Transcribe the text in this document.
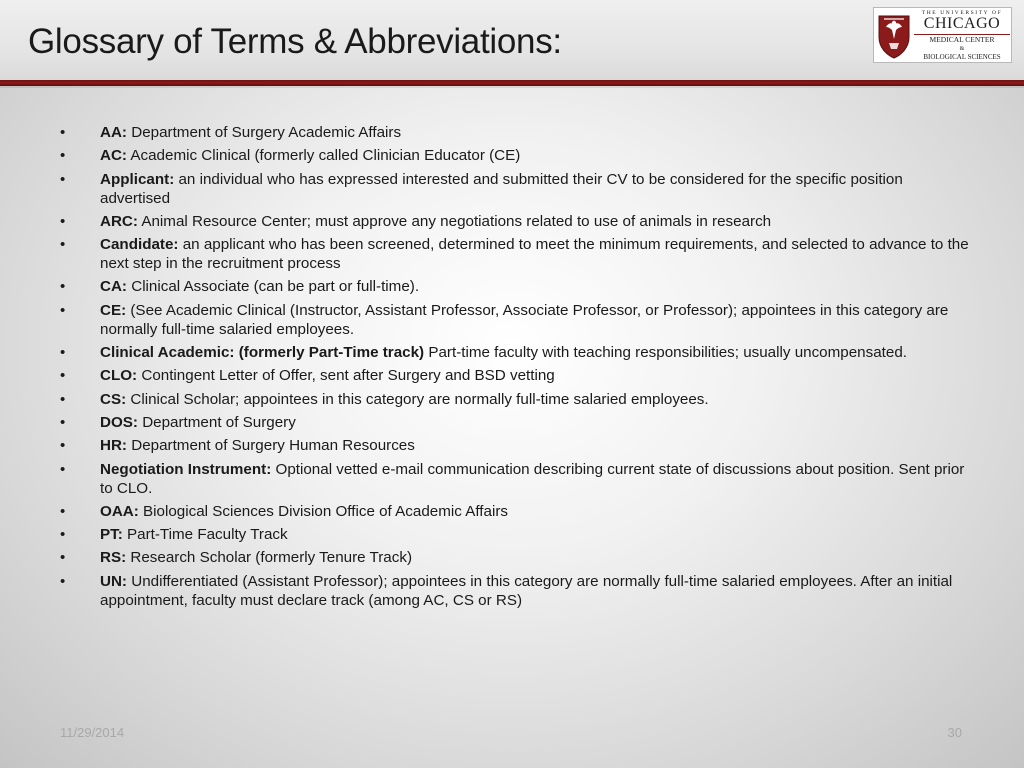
Glossary of Terms & Abbreviations:
THE UNIVERSITY OF
CHICAGO
MEDICAL CENTER
&
BIOLOGICAL SCIENCES
•	AA: Department of Surgery Academic Affairs
•	AC: Academic Clinical (formerly called Clinician Educator (CE)
•	Applicant: an individual who has expressed interested and submitted their CV to be considered for the specific position advertised
•	ARC: Animal Resource Center; must approve any negotiations related to use of animals in research
•	Candidate: an applicant who has been screened, determined to meet the minimum requirements, and selected to advance to the next step in the recruitment process
•	CA: Clinical Associate (can be part or full-time).
•	CE: (See Academic Clinical (Instructor, Assistant Professor, Associate Professor, or Professor); appointees in this category are normally full-time salaried employees.
•	Clinical Academic: (formerly Part-Time track) Part-time faculty with teaching responsibilities; usually uncompensated.
•	CLO: Contingent Letter of Offer, sent after Surgery and BSD vetting
•	CS: Clinical Scholar; appointees in this category are normally full-time salaried employees.
•	DOS: Department of Surgery
•	HR: Department of Surgery Human Resources
•	Negotiation Instrument: Optional vetted e-mail communication describing current state of discussions about position. Sent prior to CLO.
•	OAA: Biological Sciences Division Office of Academic Affairs
•	PT: Part-Time Faculty Track
•	RS: Research Scholar (formerly Tenure Track)
•	UN: Undifferentiated (Assistant Professor); appointees in this category are normally full-time salaried employees. After an initial appointment, faculty must declare track (among AC, CS or RS)
11/29/2014	30
